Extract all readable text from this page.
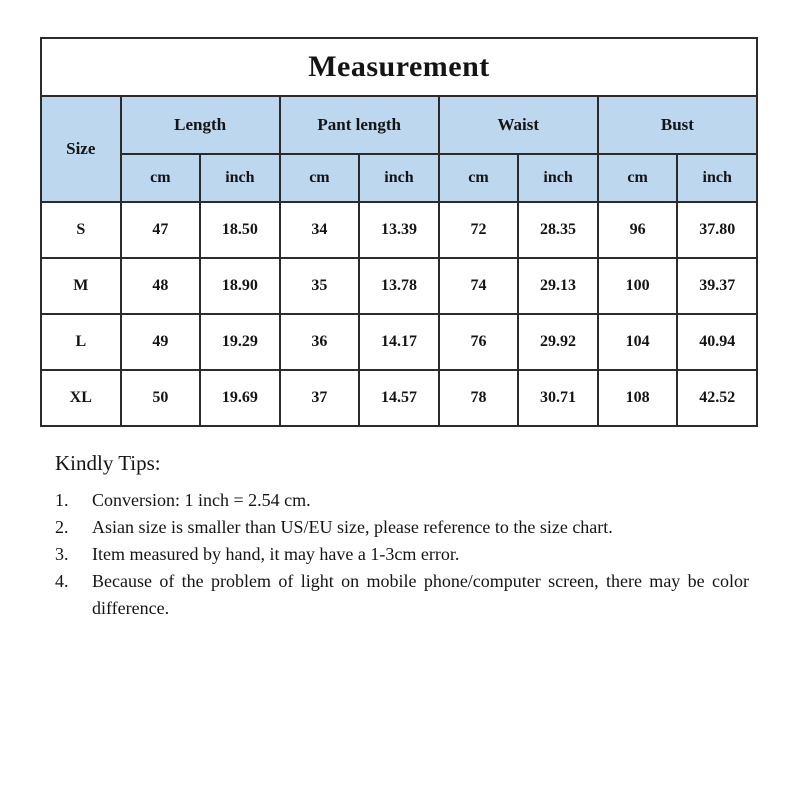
Measurement								
Size	Length		Pant length		Waist		Bust	
	cm	inch	cm	inch	cm	inch	cm	inch
S	47	18.50	34	13.39	72	28.35	96	37.80
M	48	18.90	35	13.78	74	29.13	100	39.37
L	49	19.29	36	14.17	76	29.92	104	40.94
XL	50	19.69	37	14.57	78	30.71	108	42.52
Kindly Tips:
1.	Conversion: 1 inch = 2.54 cm.
2.	Asian size is smaller than US/EU size, please reference to the size chart.
3.	Item measured by hand, it may have a 1-3cm error.
4.	Because of the problem of light on mobile phone/computer screen, there may be color difference.
